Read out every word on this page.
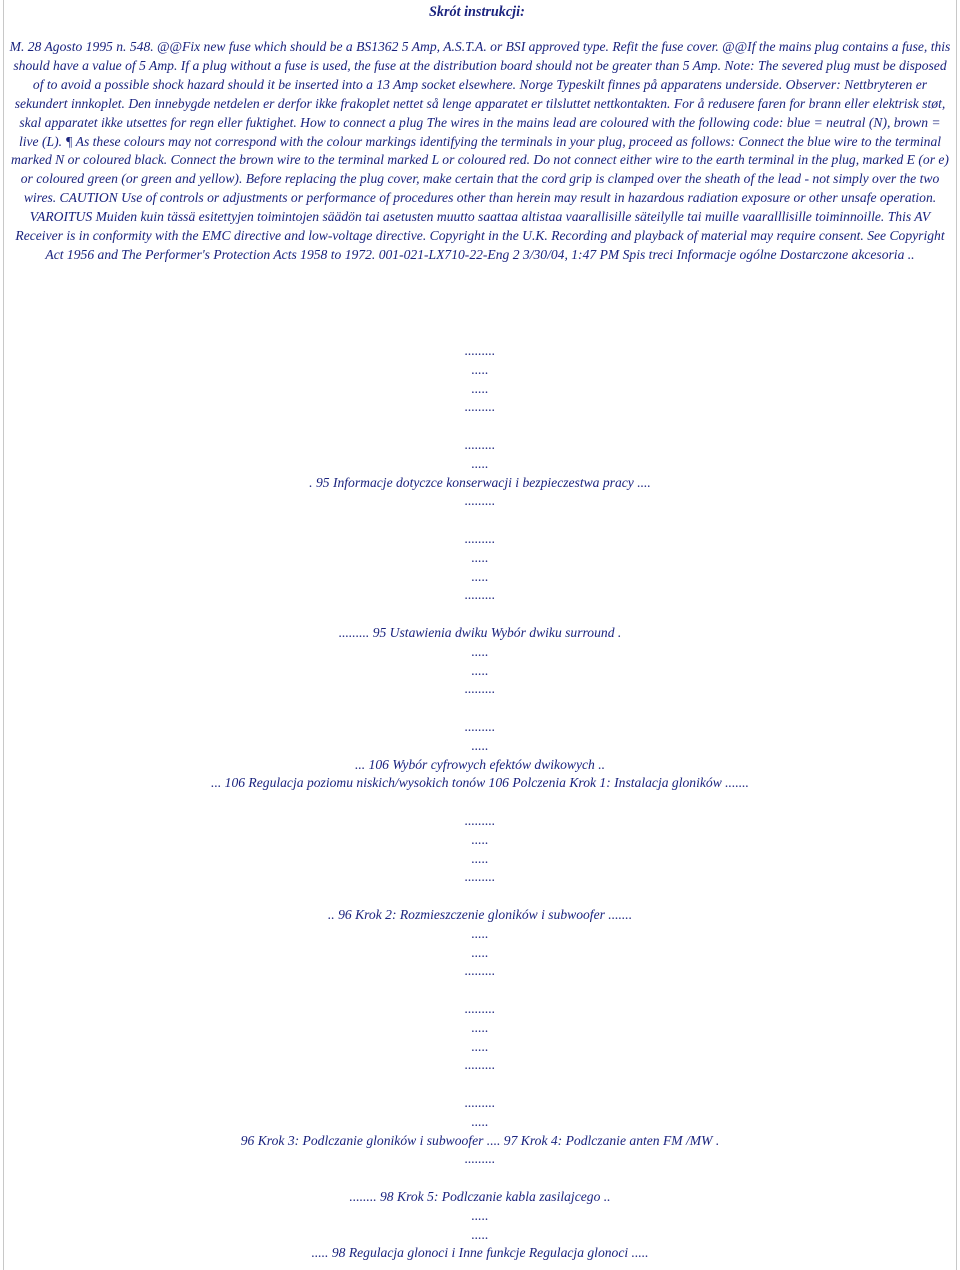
Skrót instrukcji:
M. 28 Agosto 1995 n. 548. @@Fix new fuse which should be a BS1362 5 Amp, A.S.T.A. or BSI approved type. Refit the fuse cover. @@If the mains plug contains a fuse, this should have a value of 5 Amp. If a plug without a fuse is used, the fuse at the distribution board should not be greater than 5 Amp. Note: The severed plug must be disposed of to avoid a possible shock hazard should it be inserted into a 13 Amp socket elsewhere. Norge Typeskilt finnes på apparatens underside. Observer: Nettbryteren er sekundert innkoplet. Den innebygde netdelen er derfor ikke frakoplet nettet så lenge apparatet er tilsluttet nettkontakten. For å redusere faren for brann eller elektrisk støt, skal apparatet ikke utsettes for regn eller fuktighet. How to connect a plug The wires in the mains lead are coloured with the following code: blue = neutral (N), brown = live (L). ¶ As these colours may not correspond with the colour markings identifying the terminals in your plug, proceed as follows: Connect the blue wire to the terminal marked N or coloured black. Connect the brown wire to the terminal marked L or coloured red. Do not connect either wire to the earth terminal in the plug, marked E (or e) or coloured green (or green and yellow). Before replacing the plug cover, make certain that the cord grip is clamped over the sheath of the lead - not simply over the two wires. CAUTION Use of controls or adjustments or performance of procedures other than herein may result in hazardous radiation exposure or other unsafe operation. VAROITUS Muiden kuin tässä esitettyjen toimintojen säädön tai asetusten muutto saattaa altistaa vaarallisille säteilylle tai muille vaaralllisille toiminnoille. This AV Receiver is in conformity with the EMC directive and low-voltage directive. Copyright in the U.K. Recording and playback of material may require consent. See Copyright Act 1956 and The Performer's Protection Acts 1958 to 1972. 001-021-LX710-22-Eng 2 3/30/04, 1:47 PM Spis treci Informacje ogólne Dostarczone akcesoria ..
.........
.....
.....
.........
.........
.....
. 95 Informacje dotyczce konserwacji i bezpieczestwa pracy ....
.........
.........
.....
.....
.........
......... 95 Ustawienia dwiku Wybór dwiku surround .
.....
.....
.........
.........
.....
... 106 Wybór cyfrowych efektów dwikowych ..
... 106 Regulacja poziomu niskich/wysokich tonów 106 Polczenia Krok 1: Instalacja gloników .......
.........
.....
.....
.........
.. 96 Krok 2: Rozmieszczenie gloników i subwoofer .......
.....
.....
.........
.........
.....
.....
.........
.........
.....
96 Krok 3: Podlczanie gloników i subwoofer .... 97 Krok 4: Podlczanie anten FM /MW .
.........
........ 98 Krok 5: Podlczanie kabla zasilajcego ..
.....
.....
..... 98 Regulacja glonoci i Inne funkcje Regulacja glonoci .....
